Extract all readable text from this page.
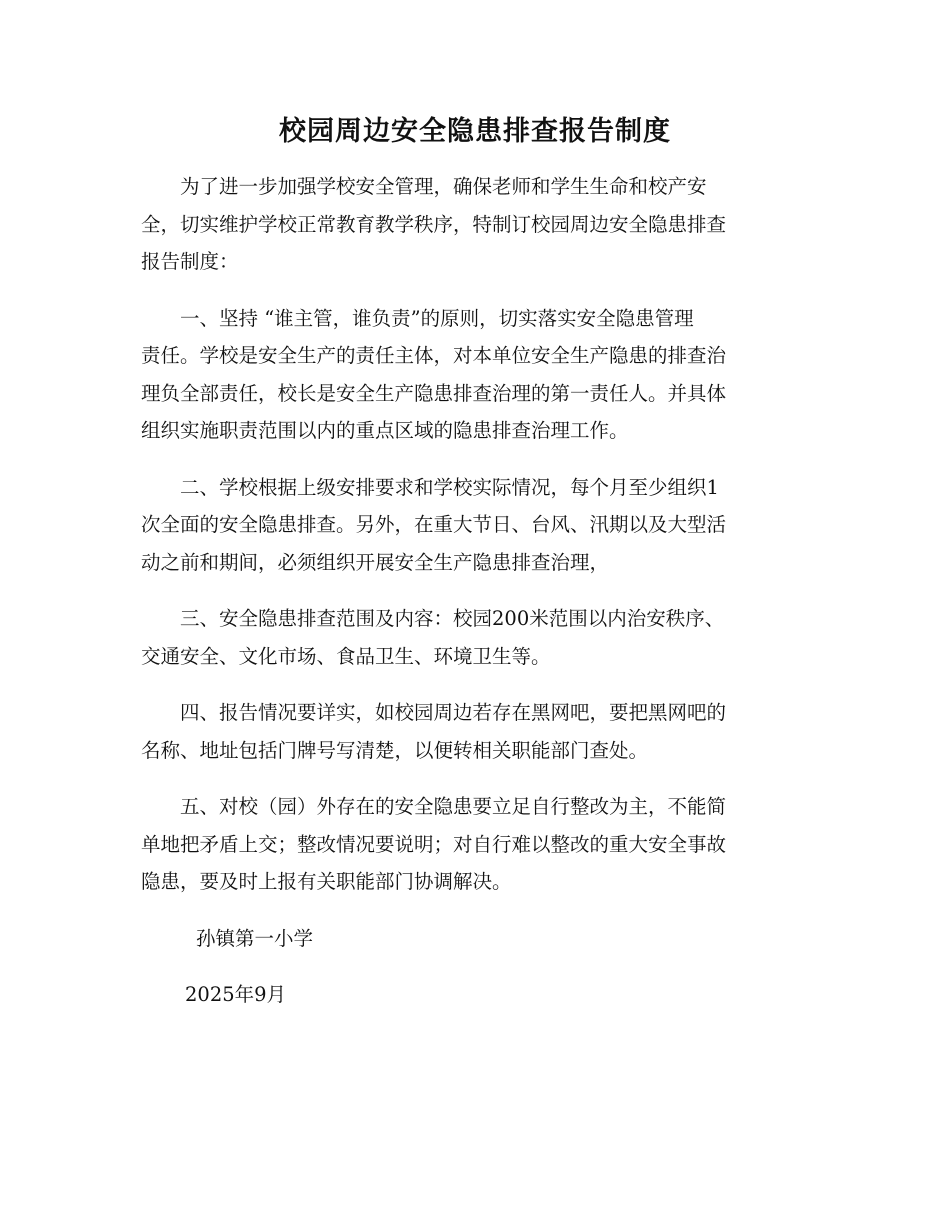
校园周边安全隐患排查报告制度

为了进一步加强学校安全管理，确保老师和学生生命和校产安
全，切实维护学校正常教育教学秩序，特制订校园周边安全隐患排查
报告制度：

一、坚持 “谁主管，谁负责”的原则，切实落实安全隐患管理
责任。学校是安全生产的责任主体，对本单位安全生产隐患的排查治
理负全部责任，校长是安全生产隐患排查治理的第一责任人。并具体
组织实施职责范围以内的重点区域的隐患排查治理工作。

二、学校根据上级安排要求和学校实际情况，每个月至少组织1
次全面的安全隐患排查。另外，在重大节日、台风、汛期以及大型活
动之前和期间，必须组织开展安全生产隐患排查治理，

三、安全隐患排查范围及内容：校园200米范围以内治安秩序、
交通安全、文化市场、食品卫生、环境卫生等。

四、报告情况要详实，如校园周边若存在黑网吧，要把黑网吧的
名称、地址包括门牌号写清楚，以便转相关职能部门查处。

五、对校（园）外存在的安全隐患要立足自行整改为主，不能简
单地把矛盾上交；整改情况要说明；对自行难以整改的重大安全事故
隐患，要及时上报有关职能部门协调解决。

孙镇第一小学

2025年9月
